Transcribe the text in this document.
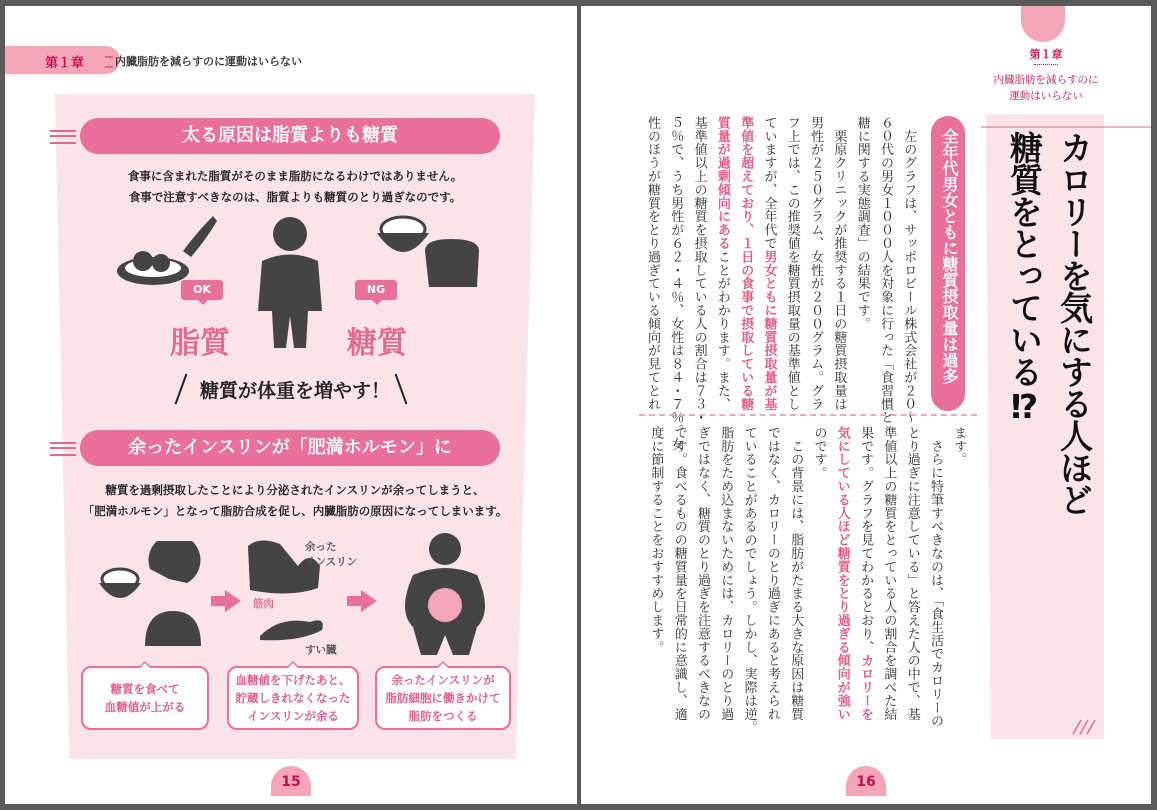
第１章	内臓脂肪を減らすのに運動はいらない
太る原因は脂質よりも糖質
食事に含まれた脂質がそのまま脂肪になるわけではありません。
食事で注意すべきなのは、脂質よりも糖質のとり過ぎなのです。
OK	NG
脂質	糖質
糖質が体重を増やす！
余ったインスリンが「肥満ホルモン」に
糖質を過剰摂取したことにより分泌されたインスリンが余ってしまうと、
「肥満ホルモン」となって脂肪合成を促し、内臓脂肪の原因になってしまいます。
余った
インスリン
筋肉
すい臓
糖質を食べて
血糖値が上がる
血糖値を下げたあと、
貯蔵しきれなくなった
インスリンが余る
余ったインスリンが
脂肪細胞に働きかけて
脂肪をつくる
15
第１章
内臓脂肪を減らすのに
運動はいらない
カロリーを気にする人ほど
糖質をとっている⁉
全年代男女ともに糖質摂取量は過多
　左のグラフは、サッポロビール株式会社が２０～
６０代の男女１０００人を対象に行った「食習慣と
糖に関する実態調査」の結果です。
　栗原クリニックが推奨する１日の糖質摂取量は
男性が２５０グラム、女性が２００グラム。グラ
フ上では、この推奨値を糖質摂取量の基準値とし
ていますが、全年代で男女ともに糖質摂取量が基
準値を超えており、１日の食事で摂取している糖
質量が過剰傾向にあることがわかります。また、
基準値以上の糖質を摂取している人の割合は７３・
５％で、うち男性が６２・４％、女性は８４・７％。女
性のほうが糖質をとり過ぎている傾向が見てとれ
ます。
　さらに特筆すべきなのは、「食生活でカロリーの
とり過ぎに注意している」と答えた人の中で、基
準値以上の糖質をとっている人の割合を調べた結
果です。グラフを見てわかるとおり、カロリーを
気にしている人ほど糖質をとり過ぎる傾向が強い
のです。
　この背景には、脂肪がたまる大きな原因は糖質
ではなく、カロリーのとり過ぎにあると考えられ
ていることがあるのでしょう。しかし、実際は逆。
脂肪をため込まないためには、カロリーのとり過
ぎではなく、糖質のとり過ぎを注意するべきなの
です。食べるものの糖質量を日常的に意識し、適
度に節制することをおすすめします。
16
